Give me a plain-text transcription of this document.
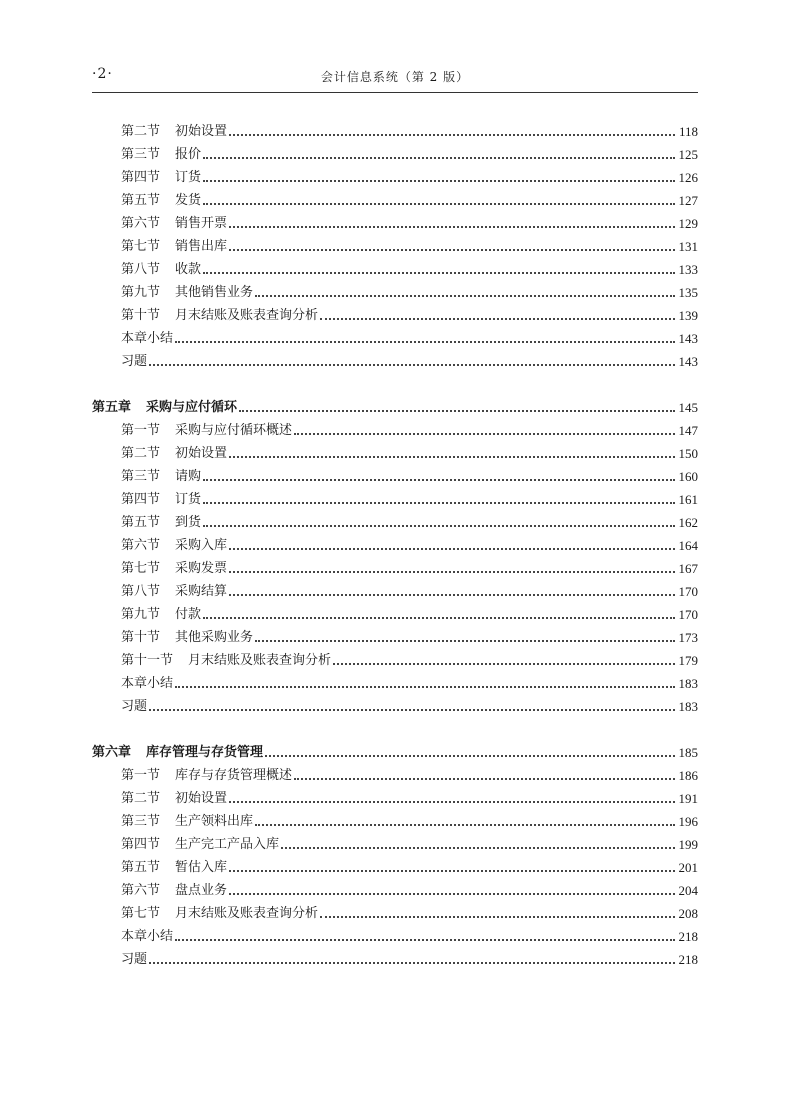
·2·	会计信息系统（第 2 版）
第二节 初始设置	118
第三节 报价	125
第四节 订货	126
第五节 发货	127
第六节 销售开票	129
第七节 销售出库	131
第八节 收款	133
第九节 其他销售业务	135
第十节 月末结账及账表查询分析	139
本章小结	143
习题	143
第五章 采购与应付循环	145
第一节 采购与应付循环概述	147
第二节 初始设置	150
第三节 请购	160
第四节 订货	161
第五节 到货	162
第六节 采购入库	164
第七节 采购发票	167
第八节 采购结算	170
第九节 付款	170
第十节 其他采购业务	173
第十一节 月末结账及账表查询分析	179
本章小结	183
习题	183
第六章 库存管理与存货管理	185
第一节 库存与存货管理概述	186
第二节 初始设置	191
第三节 生产领料出库	196
第四节 生产完工产品入库	199
第五节 暂估入库	201
第六节 盘点业务	204
第七节 月末结账及账表查询分析	208
本章小结	218
习题	218
